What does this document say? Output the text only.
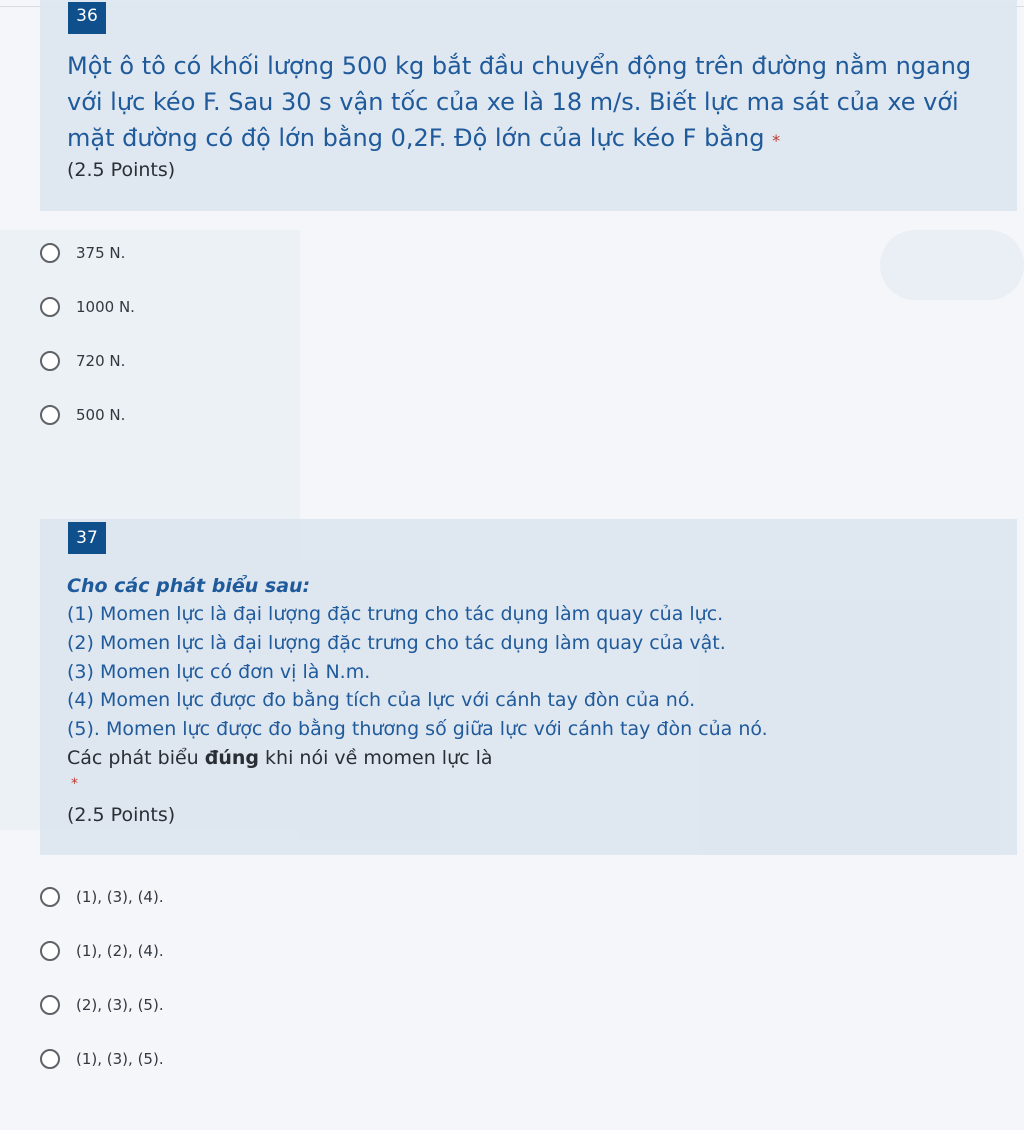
36
Một ô tô có khối lượng 500 kg bắt đầu chuyển động trên đường nằm ngang với lực kéo F. Sau 30 s vận tốc của xe là 18 m/s. Biết lực ma sát của xe với mặt đường có độ lớn bằng 0,2F. Độ lớn của lực kéo F bằng *
(2.5 Points)
375 N.
1000 N.
720 N.
500 N.
37
Cho các phát biểu sau:
(1) Momen lực là đại lượng đặc trưng cho tác dụng làm quay của lực.
(2) Momen lực là đại lượng đặc trưng cho tác dụng làm quay của vật.
(3) Momen lực có đơn vị là N.m.
(4) Momen lực được đo bằng tích của lực với cánh tay đòn của nó.
(5). Momen lực được đo bằng thương số giữa lực với cánh tay đòn của nó.
Các phát biểu đúng khi nói về momen lực là
*
(2.5 Points)
(1), (3), (4).
(1), (2), (4).
(2), (3), (5).
(1), (3), (5).
